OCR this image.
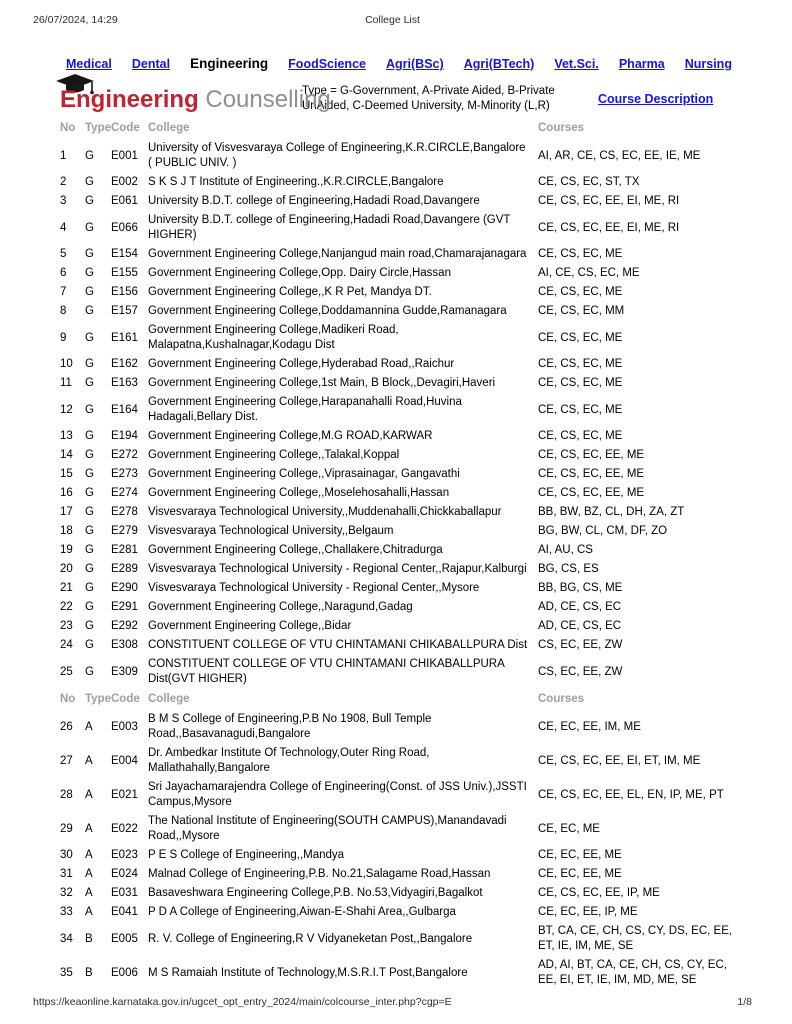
26/07/2024, 14:29	College List
Medical Dental Engineering FoodScience Agri(BSc) Agri(BTech) Vet.Sci. Pharma Nursing
Engineering Counselling
Type = G-Government, A-Private Aided, B-Private
UnAided, C-Deemed University, M-Minority (L,R)	Course Description
No	Type	Code	College	Courses
1	G	E001	University of Visvesvaraya College of Engineering,K.R.CIRCLE,Bangalore ( PUBLIC UNIV. )	AI, AR, CE, CS, EC, EE, IE, ME
2	G	E002	S K S J T Institute of Engineering.,K.R.CIRCLE,Bangalore	CE, CS, EC, ST, TX
3	G	E061	University B.D.T. college of Engineering,Hadadi Road,Davangere	CE, CS, EC, EE, EI, ME, RI
4	G	E066	University B.D.T. college of Engineering,Hadadi Road,Davangere (GVT HIGHER)	CE, CS, EC, EE, EI, ME, RI
5	G	E154	Government Engineering College,Nanjangud main road,Chamarajanagara	CE, CS, EC, ME
6	G	E155	Government Engineering College,Opp. Dairy Circle,Hassan	AI, CE, CS, EC, ME
7	G	E156	Government Engineering College,,K R Pet, Mandya DT.	CE, CS, EC, ME
8	G	E157	Government Engineering College,Doddamannina Gudde,Ramanagara	CE, CS, EC, MM
9	G	E161	Government Engineering College,Madikeri Road, Malapatna,Kushalnagar,Kodagu Dist	CE, CS, EC, ME
10	G	E162	Government Engineering College,Hyderabad Road,,Raichur	CE, CS, EC, ME
11	G	E163	Government Engineering College,1st Main, B Block,,Devagiri,Haveri	CE, CS, EC, ME
12	G	E164	Government Engineering College,Harapanahalli Road,Huvina Hadagali,Bellary Dist.	CE, CS, EC, ME
13	G	E194	Government Engineering College,M.G ROAD,KARWAR	CE, CS, EC, ME
14	G	E272	Government Engineering College,,Talakal,Koppal	CE, CS, EC, EE, ME
15	G	E273	Government Engineering College,,Viprasainagar, Gangavathi	CE, CS, EC, EE, ME
16	G	E274	Government Engineering College,,Moselehosahalli,Hassan	CE, CS, EC, EE, ME
17	G	E278	Visvesvaraya Technological University,,Muddenahalli,Chickkaballapur	BB, BW, BZ, CL, DH, ZA, ZT
18	G	E279	Visvesvaraya Technological University,,Belgaum	BG, BW, CL, CM, DF, ZO
19	G	E281	Government Engineering College,,Challakere,Chitradurga	AI, AU, CS
20	G	E289	Visvesvaraya Technological University - Regional Center,,Rajapur,Kalburgi	BG, CS, ES
21	G	E290	Visvesvaraya Technological University - Regional Center,,Mysore	BB, BG, CS, ME
22	G	E291	Government Engineering College,,Naragund,Gadag	AD, CE, CS, EC
23	G	E292	Government Engineering College,,Bidar	AD, CE, CS, EC
24	G	E308	CONSTITUENT COLLEGE OF VTU CHINTAMANI CHIKABALLPURA Dist	CS, EC, EE, ZW
25	G	E309	CONSTITUENT COLLEGE OF VTU CHINTAMANI CHIKABALLPURA Dist(GVT HIGHER)	CS, EC, EE, ZW
No	Type	Code	College	Courses
26	A	E003	B M S College of Engineering,P.B No 1908, Bull Temple Road,,Basavanagudi,Bangalore	CE, EC, EE, IM, ME
27	A	E004	Dr. Ambedkar Institute Of Technology,Outer Ring Road, Mallathahally,Bangalore	CE, CS, EC, EE, EI, ET, IM, ME
28	A	E021	Sri Jayachamarajendra College of Engineering(Const. of JSS Univ.),JSSTI Campus,Mysore	CE, CS, EC, EE, EL, EN, IP, ME, PT
29	A	E022	The National Institute of Engineering(SOUTH CAMPUS),Manandavadi Road,,Mysore	CE, EC, ME
30	A	E023	P E S College of Engineering,,Mandya	CE, EC, EE, ME
31	A	E024	Malnad College of Engineering,P.B. No.21,Salagame Road,Hassan	CE, EC, EE, ME
32	A	E031	Basaveshwara Engineering College,P.B. No.53,Vidyagiri,Bagalkot	CE, CS, EC, EE, IP, ME
33	A	E041	P D A College of Engineering,Aiwan-E-Shahi Area,,Gulbarga	CE, EC, EE, IP, ME
34	B	E005	R. V. College of Engineering,R V Vidyaneketan Post,,Bangalore	BT, CA, CE, CH, CS, CY, DS, EC, EE, ET, IE, IM, ME, SE
35	B	E006	M S Ramaiah Institute of Technology,M.S.R.I.T Post,Bangalore	AD, AI, BT, CA, CE, CH, CS, CY, EC, EE, EI, ET, IE, IM, MD, ME, SE
https://keaonline.karnataka.gov.in/ugcet_opt_entry_2024/main/colcourse_inter.php?cgp=E	1/8
